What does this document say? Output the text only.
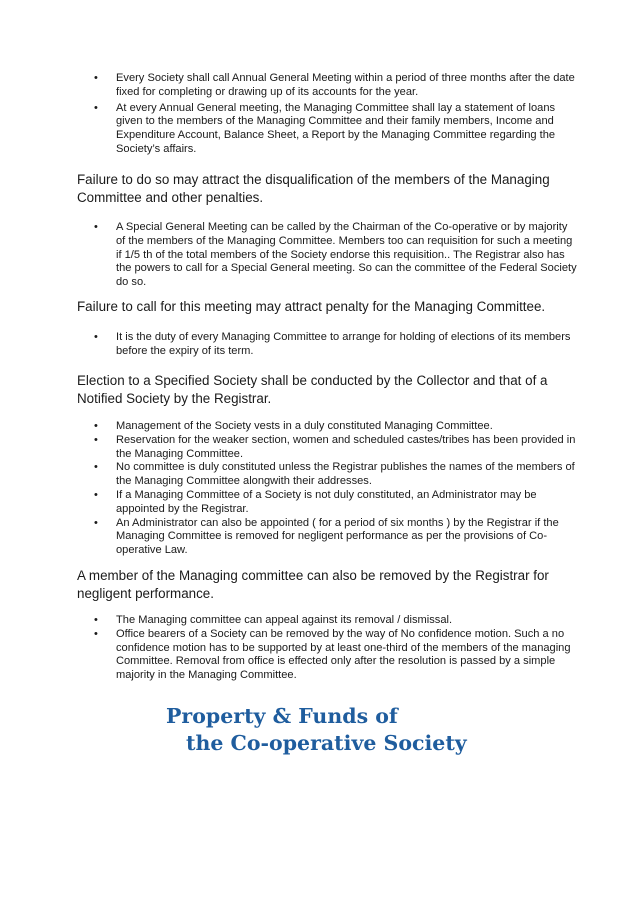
• Every Society shall call Annual General Meeting within a period of three months after the date fixed for completing or drawing up of its accounts for the year.
• At every Annual General meeting, the Managing Committee shall lay a statement of loans given to the members of the Managing Committee and their family members, Income and Expenditure Account, Balance Sheet, a Report by the Managing Committee regarding the Society’s affairs.
Failure to do so may attract the disqualification of the members of the Managing Committee and other penalties.
• A Special General Meeting can be called by the Chairman of the Co-operative or by majority of the members of the Managing Committee. Members too can requisition for such a meeting if 1/5 th of the total members of the Society endorse this requisition.. The Registrar also has the powers to call for a Special General meeting. So can the committee of the Federal Society do so.
Failure to call for this meeting may attract penalty for the Managing Committee.
• It is the duty of every Managing Committee to arrange for holding of elections of its members before the expiry of its term.
Election to a Specified Society shall be conducted by the Collector and that of a Notified Society by the Registrar.
• Management of the Society vests in a duly constituted Managing Committee.
• Reservation for the weaker section, women and scheduled castes/tribes has been provided in the Managing Committee.
• No committee is duly constituted unless the Registrar publishes the names of the members of the Managing Committee alongwith their addresses.
• If a Managing Committee of a Society is not duly constituted, an Administrator may be appointed by the Registrar.
• An Administrator can also be appointed ( for a period of six months ) by the Registrar if the Managing Committee is removed for negligent performance as per the provisions of Co-operative Law.
A member of the Managing committee can also be removed by the Registrar for negligent performance.
• The Managing committee can appeal against its removal / dismissal.
• Office bearers of a Society can be removed by the way of No confidence motion. Such a no confidence motion has to be supported by at least one-third of the members of the managing Committee. Removal from office is effected only after the resolution is passed by a simple majority in the Managing Committee.
Property & Funds of
the Co-operative Society
